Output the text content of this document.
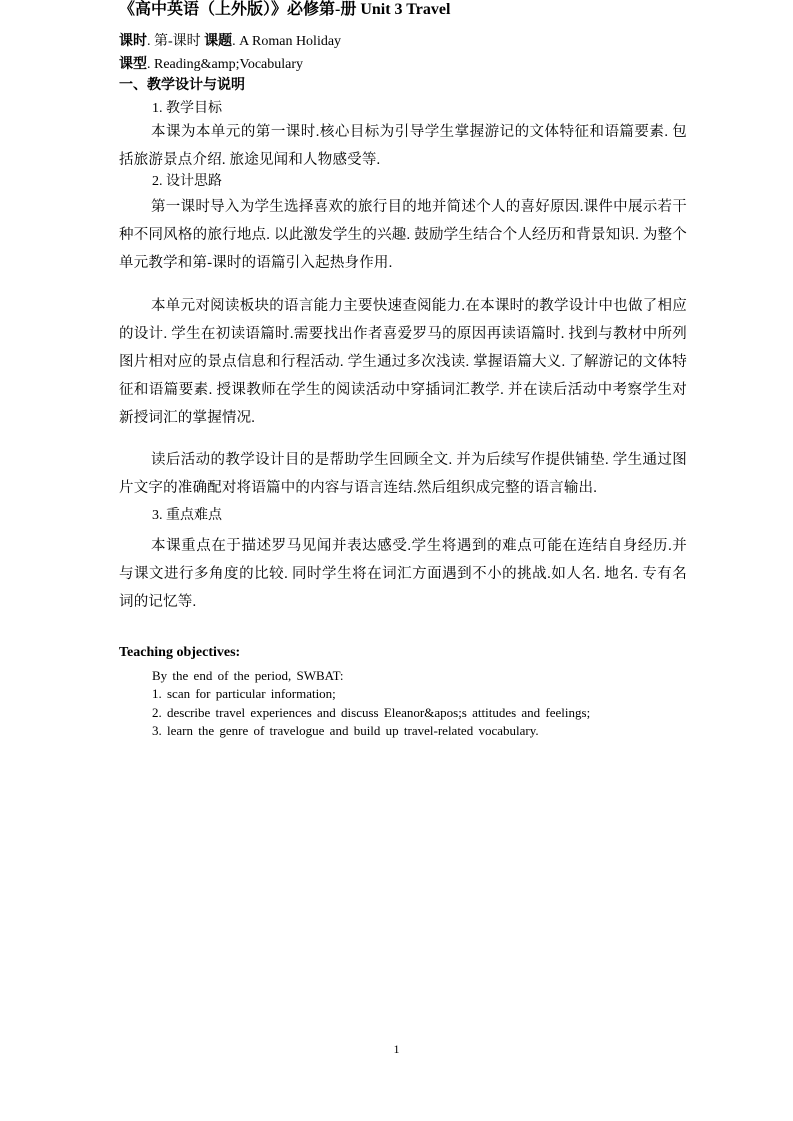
《高中英语（上外版）》必修第-册 Unit 3 Travel
课时. 第-课时 课题. A Roman Holiday
课型. Reading&amp;Vocabulary
一、教学设计与说明
1. 教学目标
本课为本单元的第一课时.核心目标为引导学生掌握游记的文体特征和语篇要素. 包括旅游景点介绍. 旅途见闻和人物感受等.
2. 设计思路
第一课时导入为学生选择喜欢的旅行目的地并简述个人的喜好原因.课件中展示若干种不同风格的旅行地点. 以此激发学生的兴趣. 鼓励学生结合个人经历和背景知识. 为整个单元教学和第-课时的语篇引入起热身作用.
本单元对阅读板块的语言能力主要快速查阅能力.在本课时的教学设计中也做了相应的设计. 学生在初读语篇时.需要找出作者喜爱罗马的原因再读语篇时. 找到与教材中所列图片相对应的景点信息和行程活动. 学生通过多次浅读. 掌握语篇大义. 了解游记的文体特征和语篇要素. 授课教师在学生的阅读活动中穿插词汇教学. 并在读后活动中考察学生对新授词汇的掌握情况.
读后活动的教学设计目的是帮助学生回顾全文. 并为后续写作提供铺垫. 学生通过图片文字的准确配对将语篇中的内容与语言连结.然后组织成完整的语言输出.
3. 重点难点
本课重点在于描述罗马见闻并表达感受.学生将遇到的难点可能在连结自身经历.并与课文进行多角度的比较. 同时学生将在词汇方面遇到不小的挑战.如人名. 地名. 专有名词的记忆等.
Teaching objectives:
By the end of the period, SWBAT:
1. scan for particular information;
2. describe travel experiences and discuss Eleanor&apos;s attitudes and feelings;
3. learn the genre of travelogue and build up travel-related vocabulary.
1
